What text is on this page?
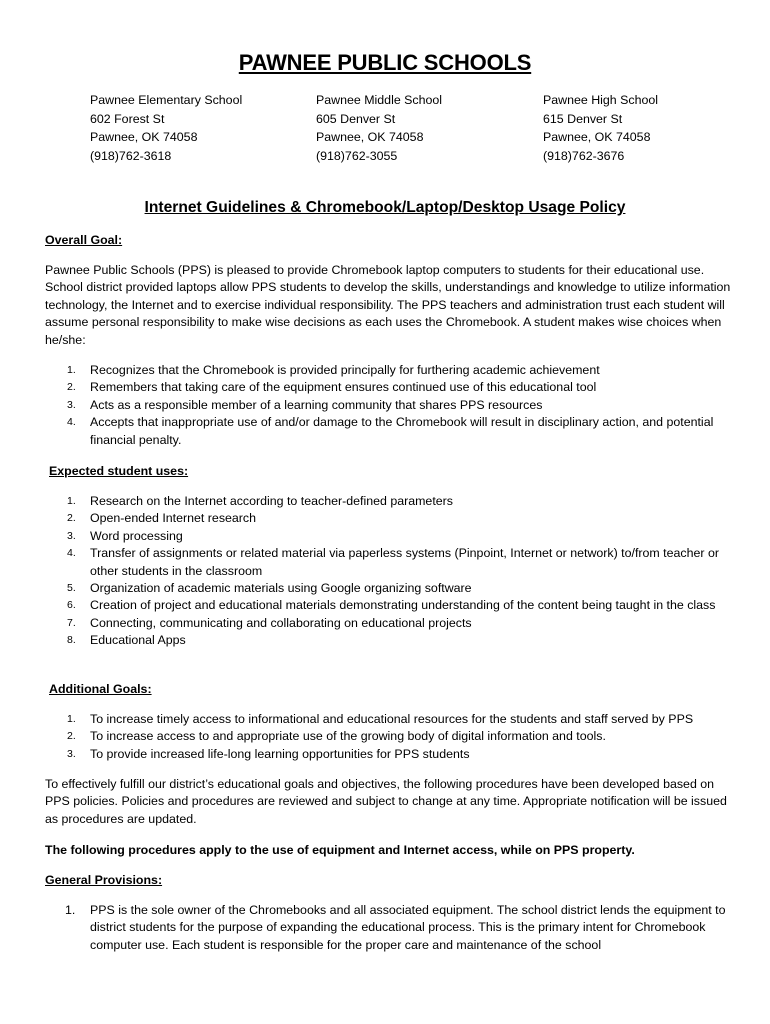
PAWNEE PUBLIC SCHOOLS
Pawnee Elementary School
602 Forest St
Pawnee, OK 74058
(918)762-3618
Pawnee Middle School
605 Denver St
Pawnee, OK 74058
(918)762-3055
Pawnee High School
615 Denver St
Pawnee, OK 74058
(918)762-3676
Internet Guidelines & Chromebook/Laptop/Desktop Usage Policy
Overall Goal:
Pawnee Public Schools (PPS) is pleased to provide Chromebook laptop computers to students for their educational use. School district provided laptops allow PPS students to develop the skills, understandings and knowledge to utilize information technology, the Internet and to exercise individual responsibility. The PPS teachers and administration trust each student will assume personal responsibility to make wise decisions as each uses the Chromebook. A student makes wise choices when he/she:
1.	Recognizes that the Chromebook is provided principally for furthering academic achievement
2.	Remembers that taking care of the equipment ensures continued use of this educational tool
3.	Acts as a responsible member of a learning community that shares PPS resources
4.	Accepts that inappropriate use of and/or damage to the Chromebook will result in disciplinary action, and potential financial penalty.
Expected student uses:
1.	Research on the Internet according to teacher-defined parameters
2.	Open-ended Internet research
3.	Word processing
4.	Transfer of assignments or related material via paperless systems (Pinpoint, Internet or network) to/from teacher or other students in the classroom
5.	Organization of academic materials using Google organizing software
6.	Creation of project and educational materials demonstrating understanding of the content being taught in the class
7.	Connecting, communicating and collaborating on educational projects
8.	Educational Apps
Additional Goals:
1.	To increase timely access to informational and educational resources for the students and staff served by PPS
2.	To increase access to and appropriate use of the growing body of digital information and tools.
3.	To provide increased life-long learning opportunities for PPS students
To effectively fulfill our district’s educational goals and objectives, the following procedures have been developed based on PPS policies. Policies and procedures are reviewed and subject to change at any time. Appropriate notification will be issued as procedures are updated.
The following procedures apply to the use of equipment and Internet access, while on PPS property.
General Provisions:
1.	PPS is the sole owner of the Chromebooks and all associated equipment. The school district lends the equipment to district students for the purpose of expanding the educational process. This is the primary intent for Chromebook computer use. Each student is responsible for the proper care and maintenance of the school
